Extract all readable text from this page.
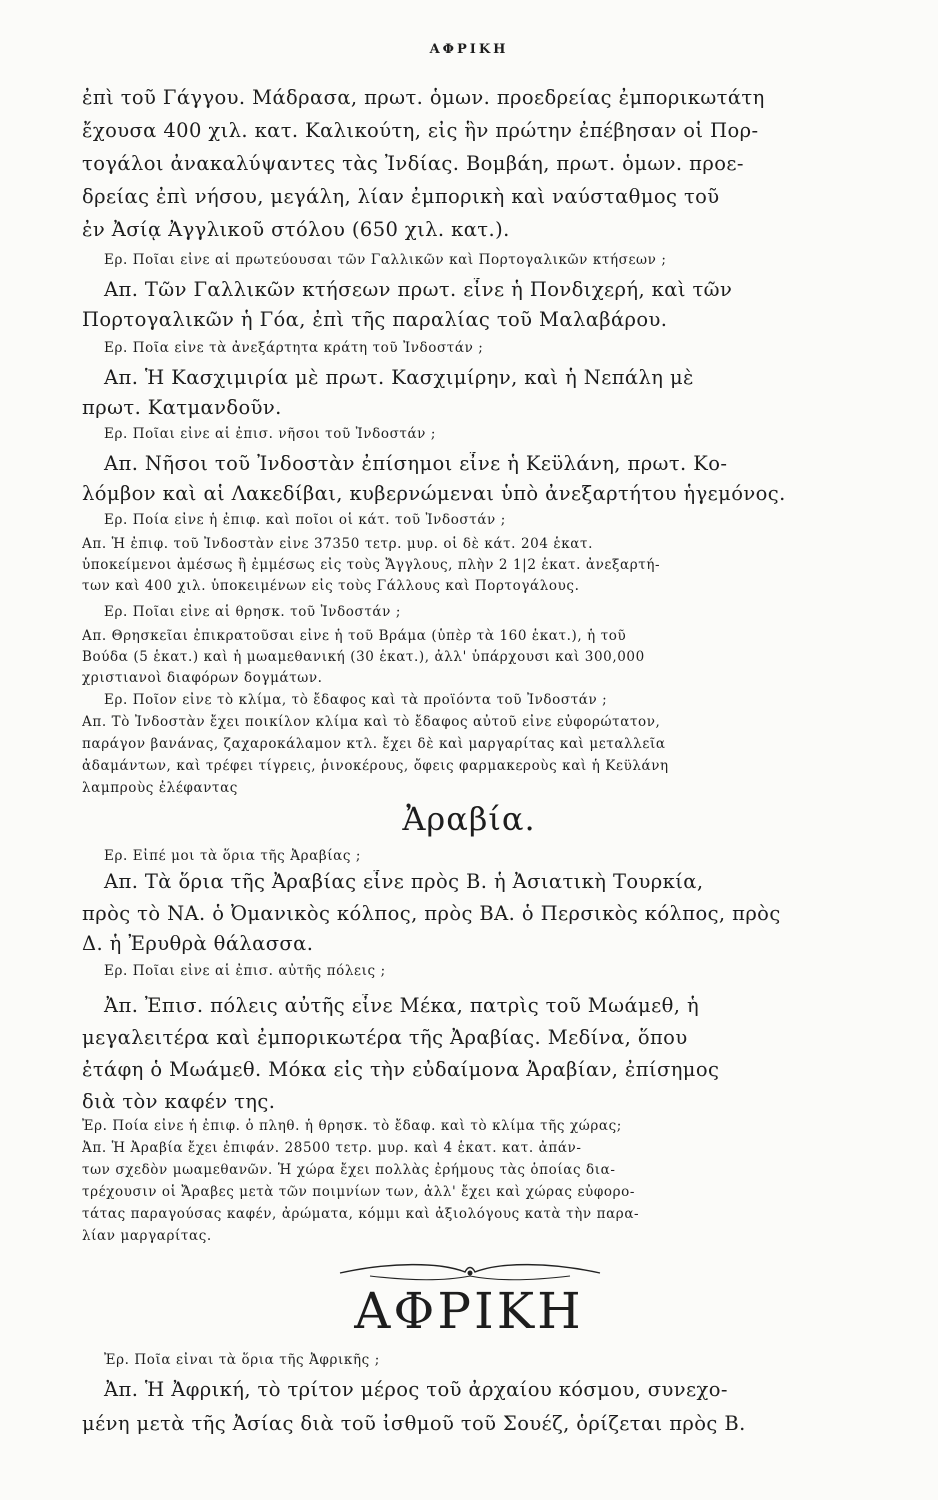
ΑΦΡΙΚΗ
ἐπὶ τοῦ Γάγγου. Μάδρασα, πρωτ. ὁμων. προεδρείας ἐμπορικωτάτη
ἔχουσα 400 χιλ. κατ. Καλικούτη, εἰς ἣν πρώτην ἐπέβησαν οἱ Πορ-
τογάλοι ἀνακαλύψαντες τὰς Ἰνδίας. Βομβάη, πρωτ. ὁμων. προε-
δρείας ἐπὶ νήσου, μεγάλη, λίαν ἐμπορικὴ καὶ ναύσταθμος τοῦ
ἐν Ἀσίᾳ Ἀγγλικοῦ στόλου (650 χιλ. κατ.).
Ερ. Ποῖαι εἶνε αἱ πρωτεύουσαι τῶν Γαλλικῶν καὶ Πορτογαλικῶν κτήσεων ;
Απ. Τῶν Γαλλικῶν κτήσεων πρωτ. εἶνε ἡ Πονδιχερή, καὶ τῶν
Πορτογαλικῶν ἡ Γόα, ἐπὶ τῆς παραλίας τοῦ Μαλαβάρου.
Ερ. Ποῖα εἶνε τὰ ἀνεξάρτητα κράτη τοῦ Ἰνδοστάν ;
Απ. Ἡ Κασχιμιρία μὲ πρωτ. Κασχιμίρην, καὶ ἡ Νεπάλη μὲ
πρωτ. Κατμανδοῦν.
Ερ. Ποῖαι εἶνε αἱ ἐπισ. νῆσοι τοῦ Ἰνδοστάν ;
Απ. Νῆσοι τοῦ Ἰνδοστὰν ἐπίσημοι εἶνε ἡ Κεϋλάνη, πρωτ. Κο-
λόμβον καὶ αἱ Λακεδίβαι, κυβερνώμεναι ὑπὸ ἀνεξαρτήτου ἡγεμόνος.
Ερ. Ποία εἶνε ἡ ἐπιφ. καὶ ποῖοι οἱ κάτ. τοῦ Ἰνδοστάν ;
Απ. Ἡ ἐπιφ. τοῦ Ἰνδοστὰν εἶνε 37350 τετρ. μυρ. οἱ δὲ κάτ. 204 ἑκατ.
ὑποκείμενοι ἀμέσως ἢ ἐμμέσως εἰς τοὺς Ἄγγλους, πλὴν 2 1|2 ἑκατ. ἀνεξαρτή-
των καὶ 400 χιλ. ὑποκειμένων εἰς τοὺς Γάλλους καὶ Πορτογάλους.
Ερ. Ποῖαι εἶνε αἱ θρησκ. τοῦ Ἰνδοστάν ;
Απ. Θρησκεῖαι ἐπικρατοῦσαι εἶνε ἡ τοῦ Βράμα (ὑπὲρ τὰ 160 ἑκατ.), ἡ τοῦ
Βούδα (5 ἑκατ.) καὶ ἡ μωαμεθανική (30 ἑκατ.), ἀλλ' ὑπάρχουσι καὶ 300,000
χριστιανοὶ διαφόρων δογμάτων.
Ερ. Ποῖον εἶνε τὸ κλίμα, τὸ ἔδαφος καὶ τὰ προϊόντα τοῦ Ἰνδοστάν ;
Απ. Τὸ Ἰνδοστὰν ἔχει ποικίλον κλίμα καὶ τὸ ἔδαφος αὐτοῦ εἶνε εὐφορώτατον,
παράγον βανάνας, ζαχαροκάλαμον κτλ. ἔχει δὲ καὶ μαργαρίτας καὶ μεταλλεῖα
ἀδαμάντων, καὶ τρέφει τίγρεις, ῥινοκέρους, ὄφεις φαρμακεροὺς καὶ ἡ Κεϋλάνη
λαμπροὺς ἐλέφαντας
Ἀραβία.
Ερ. Εἰπέ μοι τὰ ὅρια τῆς Ἀραβίας ;
Απ. Τὰ ὅρια τῆς Ἀραβίας εἶνε πρὸς Β. ἡ Ἀσιατικὴ Τουρκία,
πρὸς τὸ ΝΑ. ὁ Ὀμανικὸς κόλπος, πρὸς ΒΑ. ὁ Περσικὸς κόλπος, πρὸς
Δ. ἡ Ἐρυθρὰ θάλασσα.
Ερ. Ποῖαι εἶνε αἱ ἐπισ. αὐτῆς πόλεις ;
Ἀπ. Ἐπισ. πόλεις αὐτῆς εἶνε Μέκα, πατρὶς τοῦ Μωάμεθ, ἡ
μεγαλειτέρα καὶ ἐμπορικωτέρα τῆς Ἀραβίας. Μεδίνα, ὅπου
ἐτάφη ὁ Μωάμεθ. Μόκα εἰς τὴν εὐδαίμονα Ἀραβίαν, ἐπίσημος
διὰ τὸν καφέν της.
Ἐρ. Ποία εἶνε ἡ ἐπιφ. ὁ πληθ. ἡ θρησκ. τὸ ἔδαφ. καὶ τὸ κλίμα τῆς χώρας;
Ἀπ. Ἡ Ἀραβία ἔχει ἐπιφάν. 28500 τετρ. μυρ. καὶ 4 ἑκατ. κατ. ἀπάν-
των σχεδὸν μωαμεθανῶν. Ἡ χώρα ἔχει πολλὰς ἐρήμους τὰς ὁποίας δια-
τρέχουσιν οἱ Ἄραβες μετὰ τῶν ποιμνίων των, ἀλλ' ἔχει καὶ χώρας εὐφορο-
τάτας παραγούσας καφέν, ἀρώματα, κόμμι καὶ ἀξιολόγους κατὰ τὴν παρα-
λίαν μαργαρίτας.
ΑΦΡΙΚΗ
Ἐρ. Ποῖα εἶναι τὰ ὅρια τῆς Ἀφρικῆς ;
Ἀπ. Ἡ Ἀφρική, τὸ τρίτον μέρος τοῦ ἀρχαίου κόσμου, συνεχο-
μένη μετὰ τῆς Ἀσίας διὰ τοῦ ἰσθμοῦ τοῦ Σουέζ, ὁρίζεται πρὸς Β.
